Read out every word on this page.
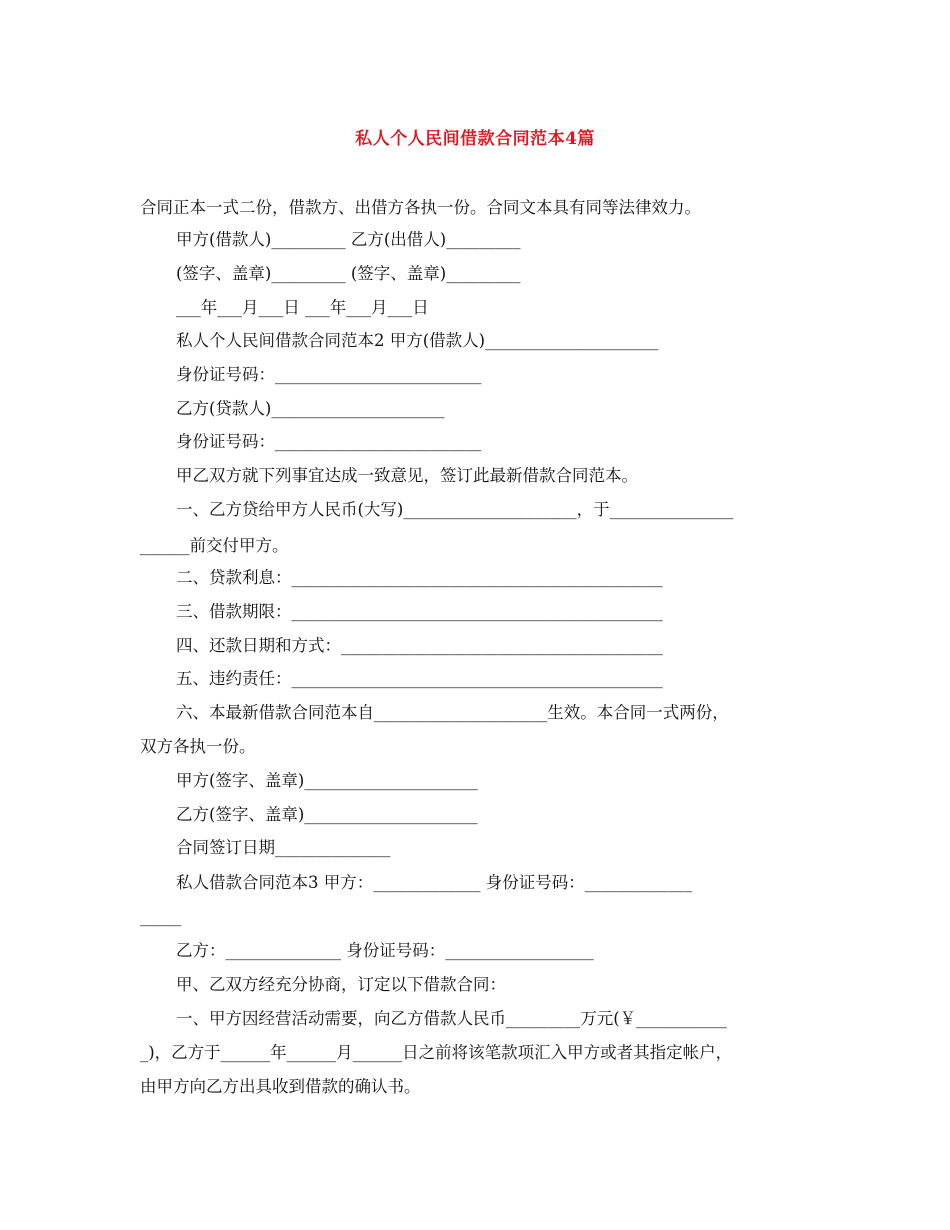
私人个人民间借款合同范本4篇
合同正本一式二份，借款方、出借方各执一份。合同文本具有同等法律效力。
甲方(借款人)_________ 乙方(出借人)_________
(签字、盖章)_________ (签字、盖章)_________
___年___月___日 ___年___月___日
私人个人民间借款合同范本2 甲方(借款人)_____________________
身份证号码：_________________________
乙方(贷款人)_____________________
身份证号码：_________________________
甲乙双方就下列事宜达成一致意见，签订此最新借款合同范本。
一、乙方贷给甲方人民币(大写)_____________________，于_______________
______前交付甲方。
二、贷款利息：_____________________________________________
三、借款期限：_____________________________________________
四、还款日期和方式：_______________________________________
五、违约责任：_____________________________________________
六、本最新借款合同范本自_____________________生效。本合同一式两份，
双方各执一份。
甲方(签字、盖章)_____________________
乙方(签字、盖章)_____________________
合同签订日期______________
私人借款合同范本3 甲方：_____________ 身份证号码：_____________
_____
乙方：______________ 身份证号码：__________________
甲、乙双方经充分协商，订定以下借款合同：
一、甲方因经营活动需要，向乙方借款人民币_________万元(￥___________
_)，乙方于______年______月______日之前将该笔款项汇入甲方或者其指定帐户，
由甲方向乙方出具收到借款的确认书。
